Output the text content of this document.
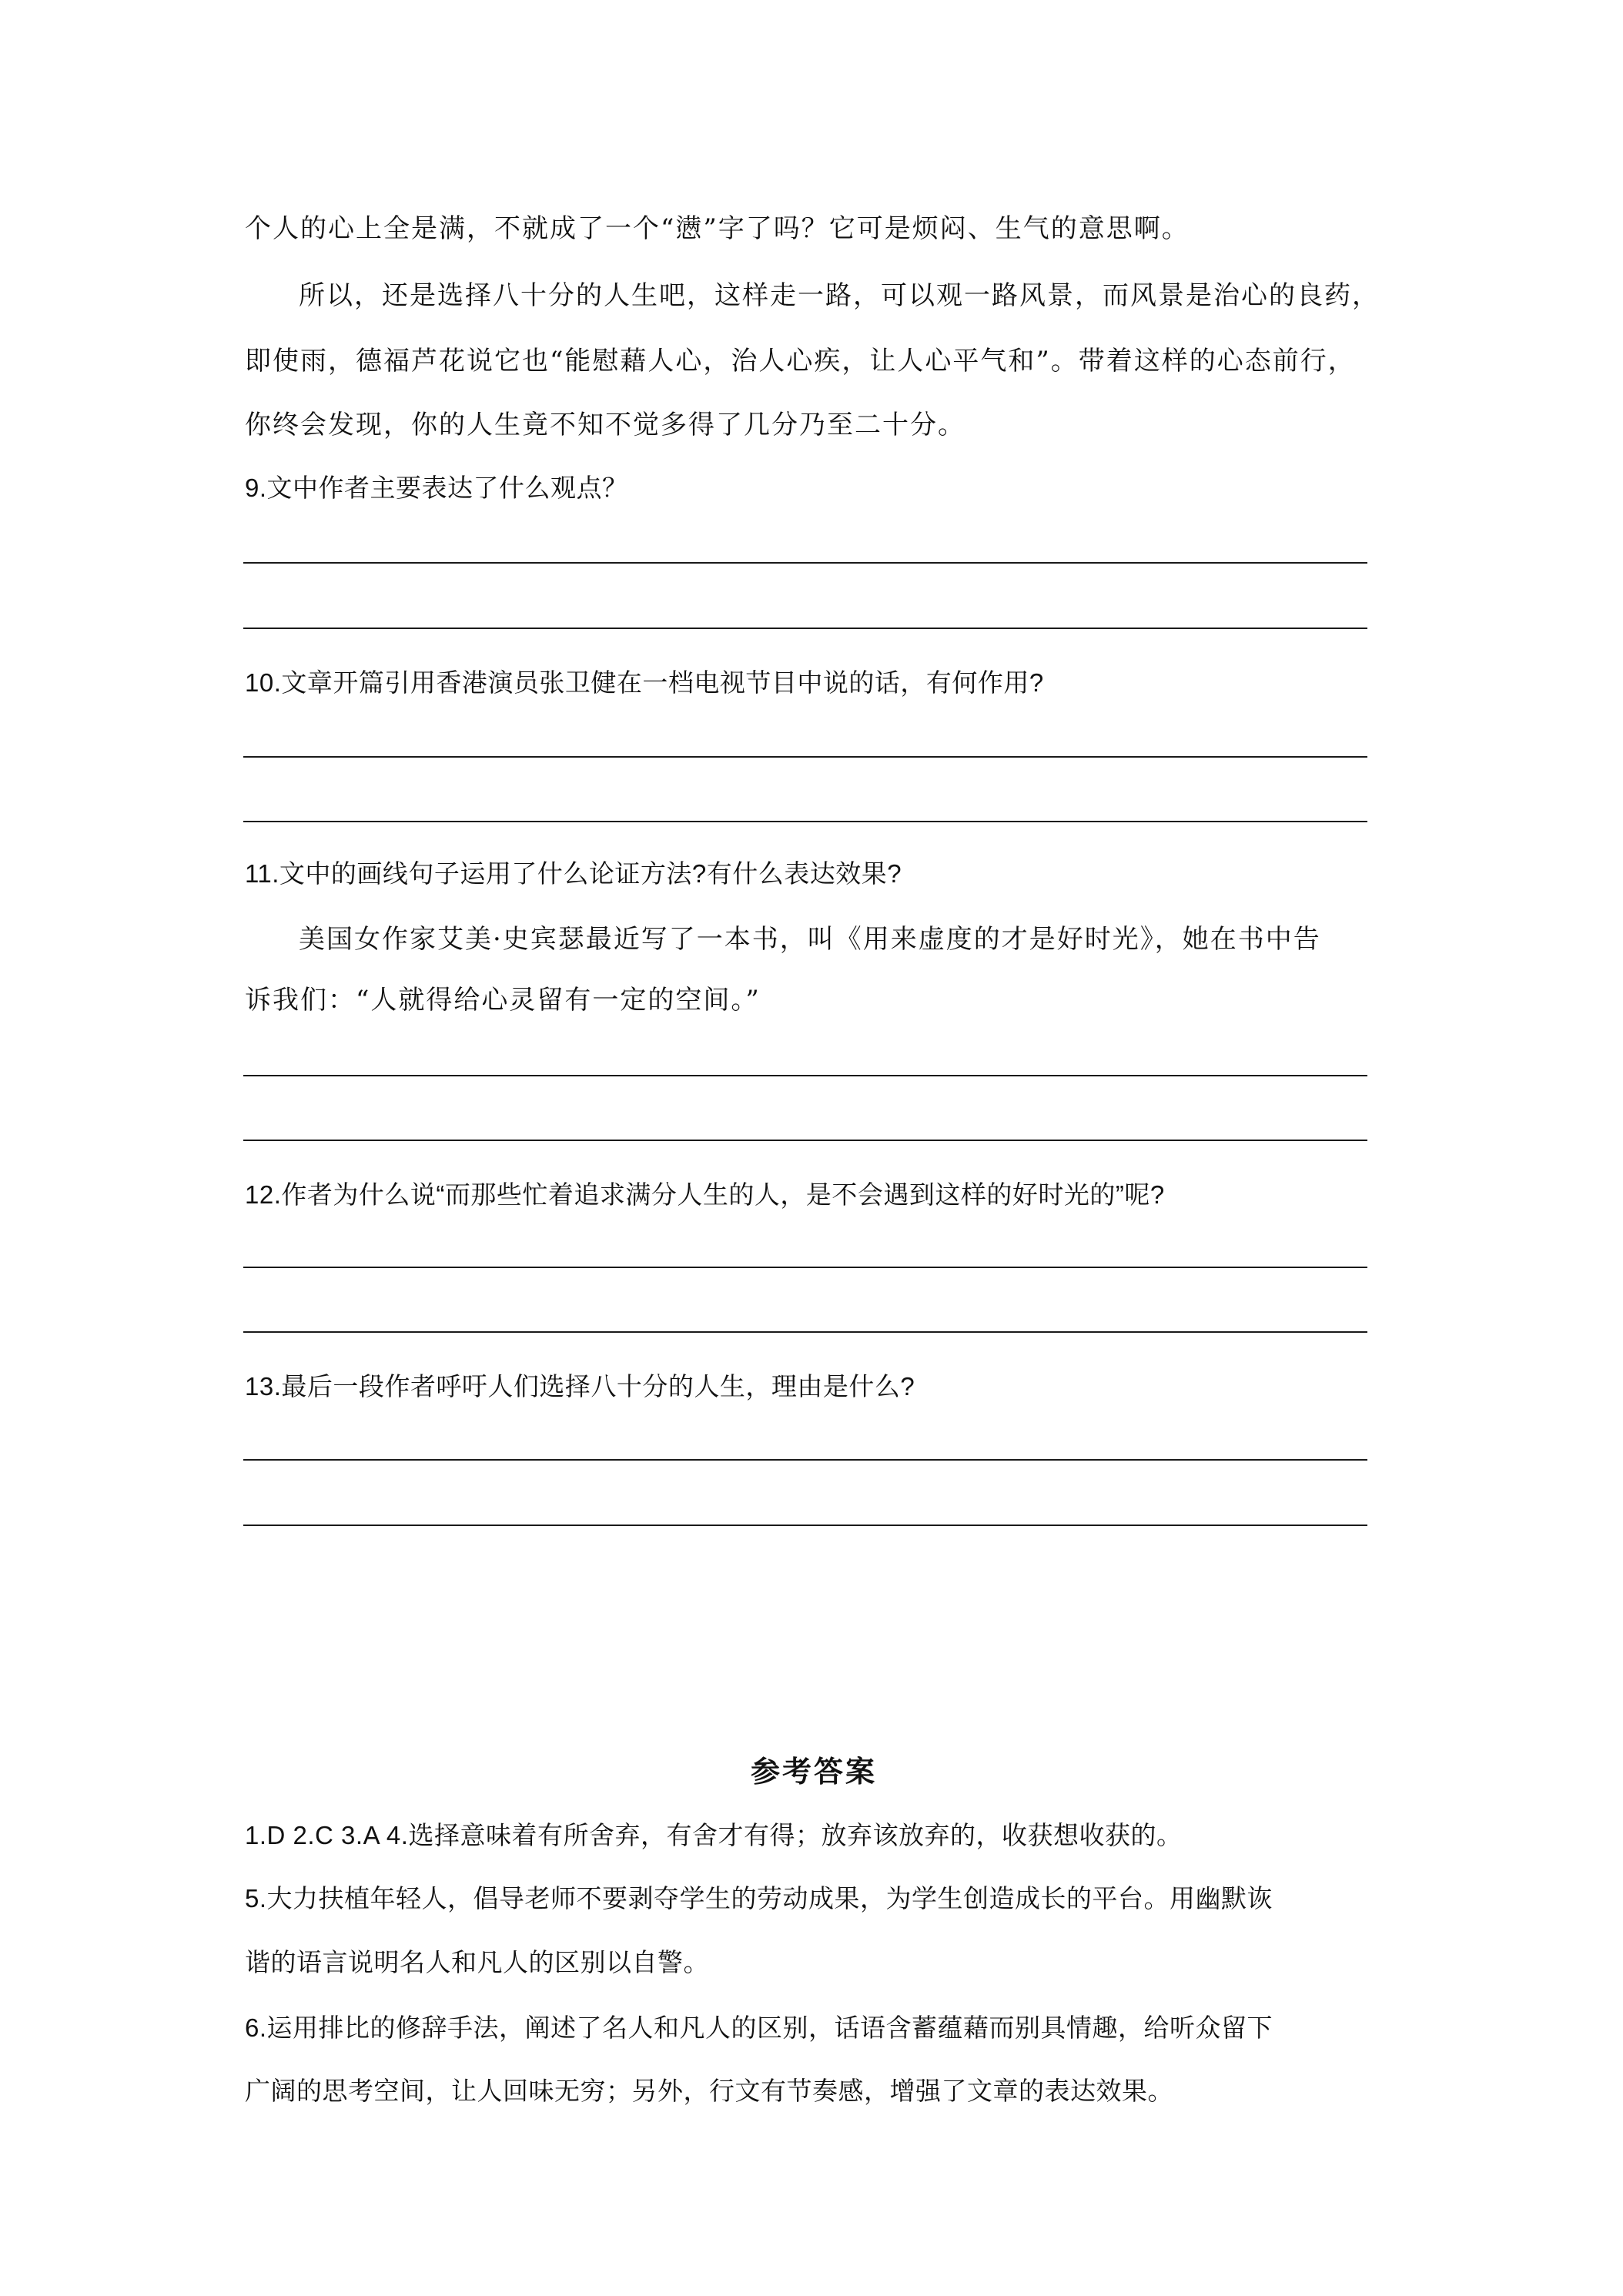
个人的心上全是满，不就成了一个“懑”字了吗？它可是烦闷、生气的意思啊。
所以，还是选择八十分的人生吧，这样走一路，可以观一路风景，而风景是治心的良药，
即使雨，德福芦花说它也“能慰藉人心，治人心疾，让人心平气和”。带着这样的心态前行，
你终会发现，你的人生竟不知不觉多得了几分乃至二十分。
9.文中作者主要表达了什么观点？
10.文章开篇引用香港演员张卫健在一档电视节目中说的话，有何作用?
11.文中的画线句子运用了什么论证方法?有什么表达效果?
美国女作家艾美·史宾瑟最近写了一本书，叫《用来虚度的才是好时光》，她在书中告
诉我们：“人就得给心灵留有一定的空间。”
12.作者为什么说“而那些忙着追求满分人生的人，是不会遇到这样的好时光的”呢?
13.最后一段作者呼吁人们选择八十分的人生，理由是什么?
参考答案
1.D 2.C 3.A 4.选择意味着有所舍弃，有舍才有得；放弃该放弃的，收获想收获的。
5.大力扶植年轻人，倡导老师不要剥夺学生的劳动成果，为学生创造成长的平台。用幽默诙
谐的语言说明名人和凡人的区别以自警。
6.运用排比的修辞手法，阐述了名人和凡人的区别，话语含蓄蕴藉而别具情趣，给听众留下
广阔的思考空间，让人回味无穷；另外，行文有节奏感，增强了文章的表达效果。
